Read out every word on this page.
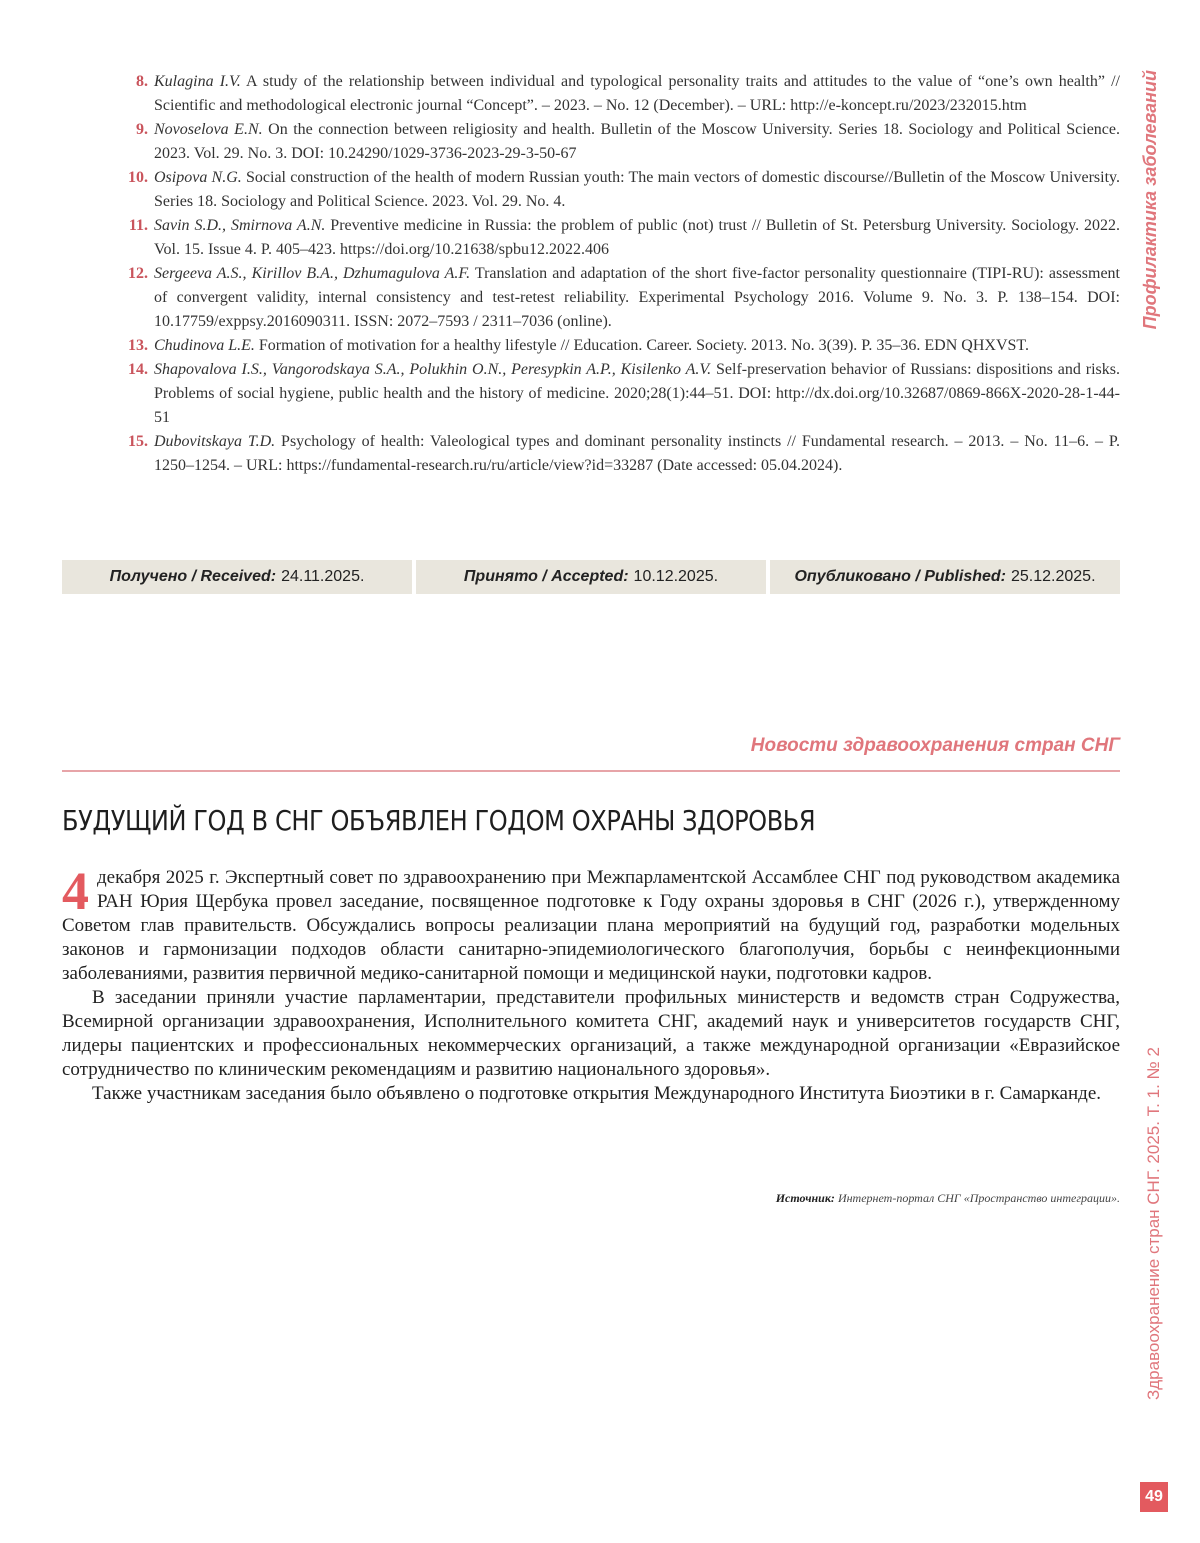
8. Kulagina I.V. A study of the relationship between individual and typological personality traits and attitudes to the value of “one’s own health” // Scientific and methodological electronic journal “Concept”. – 2023. – No. 12 (December). – URL: http://e-koncept.ru/2023/232015.htm
9. Novoselova E.N. On the connection between religiosity and health. Bulletin of the Moscow University. Series 18. Sociology and Political Science. 2023. Vol. 29. No. 3. DOI: 10.24290/1029-3736-2023-29-3-50-67
10. Osipova N.G. Social construction of the health of modern Russian youth: The main vectors of domestic discourse//Bulletin of the Moscow University. Series 18. Sociology and Political Science. 2023. Vol. 29. No. 4.
11. Savin S.D., Smirnova A.N. Preventive medicine in Russia: the problem of public (not) trust // Bulletin of St. Petersburg University. Sociology. 2022. Vol. 15. Issue 4. P. 405–423. https://doi.org/10.21638/spbu12.2022.406
12. Sergeeva A.S., Kirillov B.A., Dzhumagulova A.F. Translation and adaptation of the short five-factor personality questionnaire (TIPI-RU): assessment of convergent validity, internal consistency and test-retest reliability. Experimental Psychology 2016. Volume 9. No. 3. P. 138–154. DOI: 10.17759/exppsy.2016090311. ISSN: 2072–7593 / 2311–7036 (online).
13. Chudinova L.E. Formation of motivation for a healthy lifestyle // Education. Career. Society. 2013. No. 3(39). P. 35–36. EDN QHXVST.
14. Shapovalova I.S., Vangorodskaya S.A., Polukhin O.N., Peresypkin A.P., Kisilenko A.V. Self-preservation behavior of Russians: dispositions and risks. Problems of social hygiene, public health and the history of medicine. 2020;28(1):44–51. DOI: http://dx.doi.org/10.32687/0869-866X-2020-28-1-44-51
15. Dubovitskaya T.D. Psychology of health: Valeological types and dominant personality instincts // Fundamental research. – 2013. – No. 11–6. – P. 1250–1254. – URL: https://fundamental-research.ru/ru/article/view?id=33287 (Date accessed: 05.04.2024).
Получено / Received: 24.11.2025.	Принято / Accepted: 10.12.2025.	Опубликовано / Published: 25.12.2025.
Новости здравоохранения стран СНГ
БУДУЩИЙ ГОД В СНГ ОБЪЯВЛЕН ГОДОМ ОХРАНЫ ЗДОРОВЬЯ

4 декабря 2025 г. Экспертный совет по здравоохранению при Межпарламентской Ассамблее СНГ под руководством академика РАН Юрия Щербука провел заседание, посвященное подготовке к Году охраны здоровья в СНГ (2026 г.), утвержденному Советом глав правительств. Обсуждались вопросы реализации плана мероприятий на будущий год, разработки модельных законов и гармонизации подходов области санитарно-эпидемиологического благополучия, борьбы с неинфекционными заболеваниями, развития первичной медико-санитарной помощи и медицинской науки, подготовки кадров.

В заседании приняли участие парламентарии, представители профильных министерств и ведомств стран Содружества, Всемирной организации здравоохранения, Исполнительного комитета СНГ, академий наук и университетов государств СНГ, лидеры пациентских и профессиональных некоммерческих организаций, а также международной организации «Евразийское сотрудничество по клиническим рекомендациям и развитию национального здоровья».

Также участникам заседания было объявлено о подготовке открытия Международного Института Биоэтики в г. Самарканде.

Источник: Интернет-портал СНГ «Пространство интеграции».
Профилактика заболеваний
Здравоохранение стран СНГ. 2025. Т. 1. № 2
49
